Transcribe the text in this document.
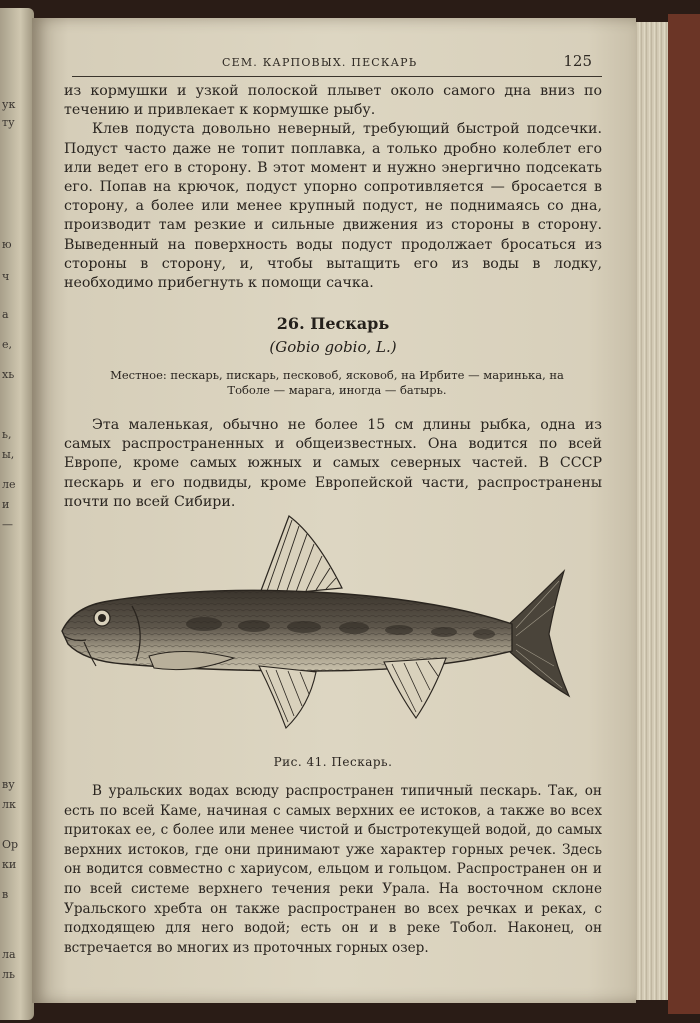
ук
ту
ю
ч
а
е,
хь
ь,
ы,
ле
и
—
ву
лк
Ор
ки
в
ла
ль
СЕМ. КАРПОВЫХ. ПЕСКАРЬ	125

из кормушки и узкой полоской плывет около самого дна вниз по течению и привлекает к кормушке рыбу.

Клев подуста довольно неверный, требующий быстрой подсечки. Подуст часто даже не топит поплавка, а только дробно колеблет его или ведет его в сторону. В этот момент и нужно энергично подсекать его. Попав на крючок, подуст упорно сопротивляется — бросается в сторону, а более или менее крупный подуст, не поднимаясь со дна, производит там резкие и сильные движения из стороны в сторону. Выведенный на поверхность воды подуст продолжает бросаться из стороны в сторону, и, чтобы вытащить его из воды в лодку, необходимо прибегнуть к помощи сачка.

26. Пескарь
(Gobio gobio, L.)
Местное: пескарь, пискарь, песковоб, ясковоб, на Ирбите — маринька, на Тоболе — марага, иногда — батырь.

Эта маленькая, обычно не более 15 см длины рыбка, одна из самых распространенных и общеизвестных. Она водится по всей Европе, кроме самых южных и самых северных частей. В СССР пескарь и его подвиды, кроме Европейской части, распространены почти по всей Сибири.

Рис. 41. Пескарь.

В уральских водах всюду распространен типичный пескарь. Так, он есть по всей Каме, начиная с самых верхних ее истоков, а также во всех притоках ее, с более или менее чистой и быстротекущей водой, до самых верхних истоков, где они принимают уже характер горных речек. Здесь он водится совместно с хариусом, ельцом и гольцом. Распространен он и по всей системе верхнего течения реки Урала. На восточном склоне Уральского хребта он также распространен во всех речках и реках, с подходящею для него водой; есть он и в реке Тобол. Наконец, он встречается во многих из проточных горных озер.
